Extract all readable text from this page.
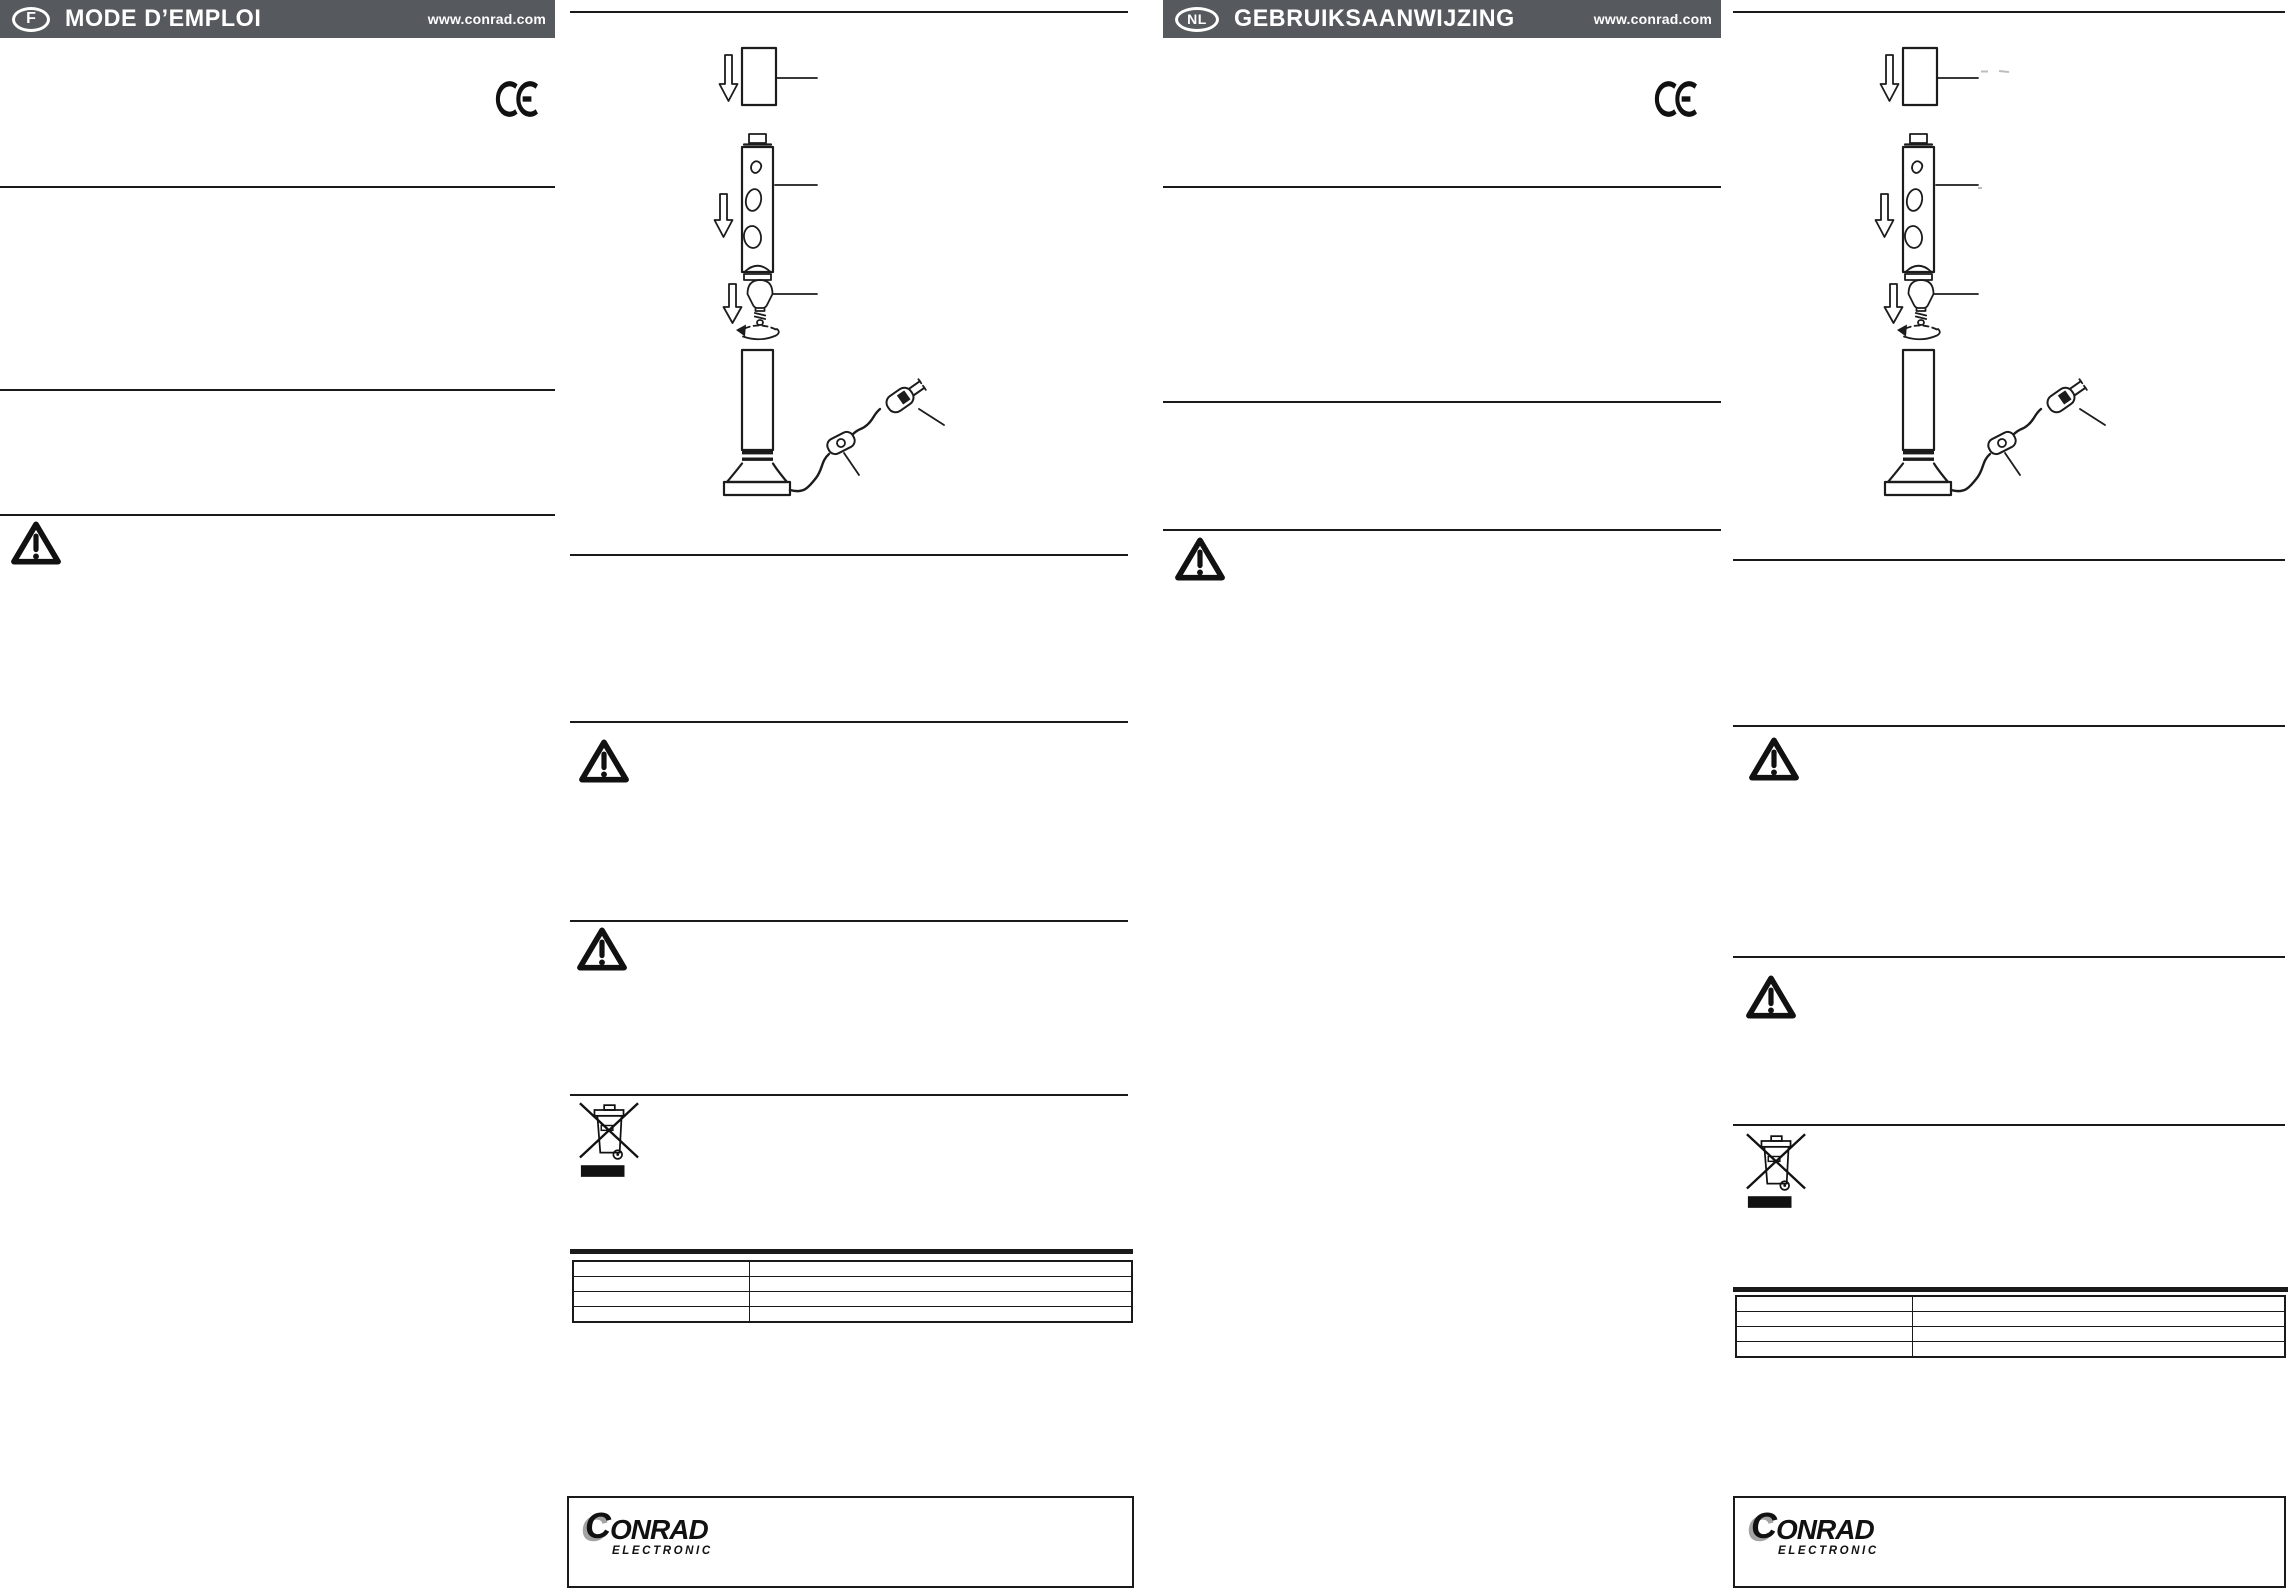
F	MODE D’EMPLOI	www.conrad.com

C ONRAD
ELECTRONIC
NL	GEBRUIKSAANWIJZING	www.conrad.com

C ONRAD
ELECTRONIC
